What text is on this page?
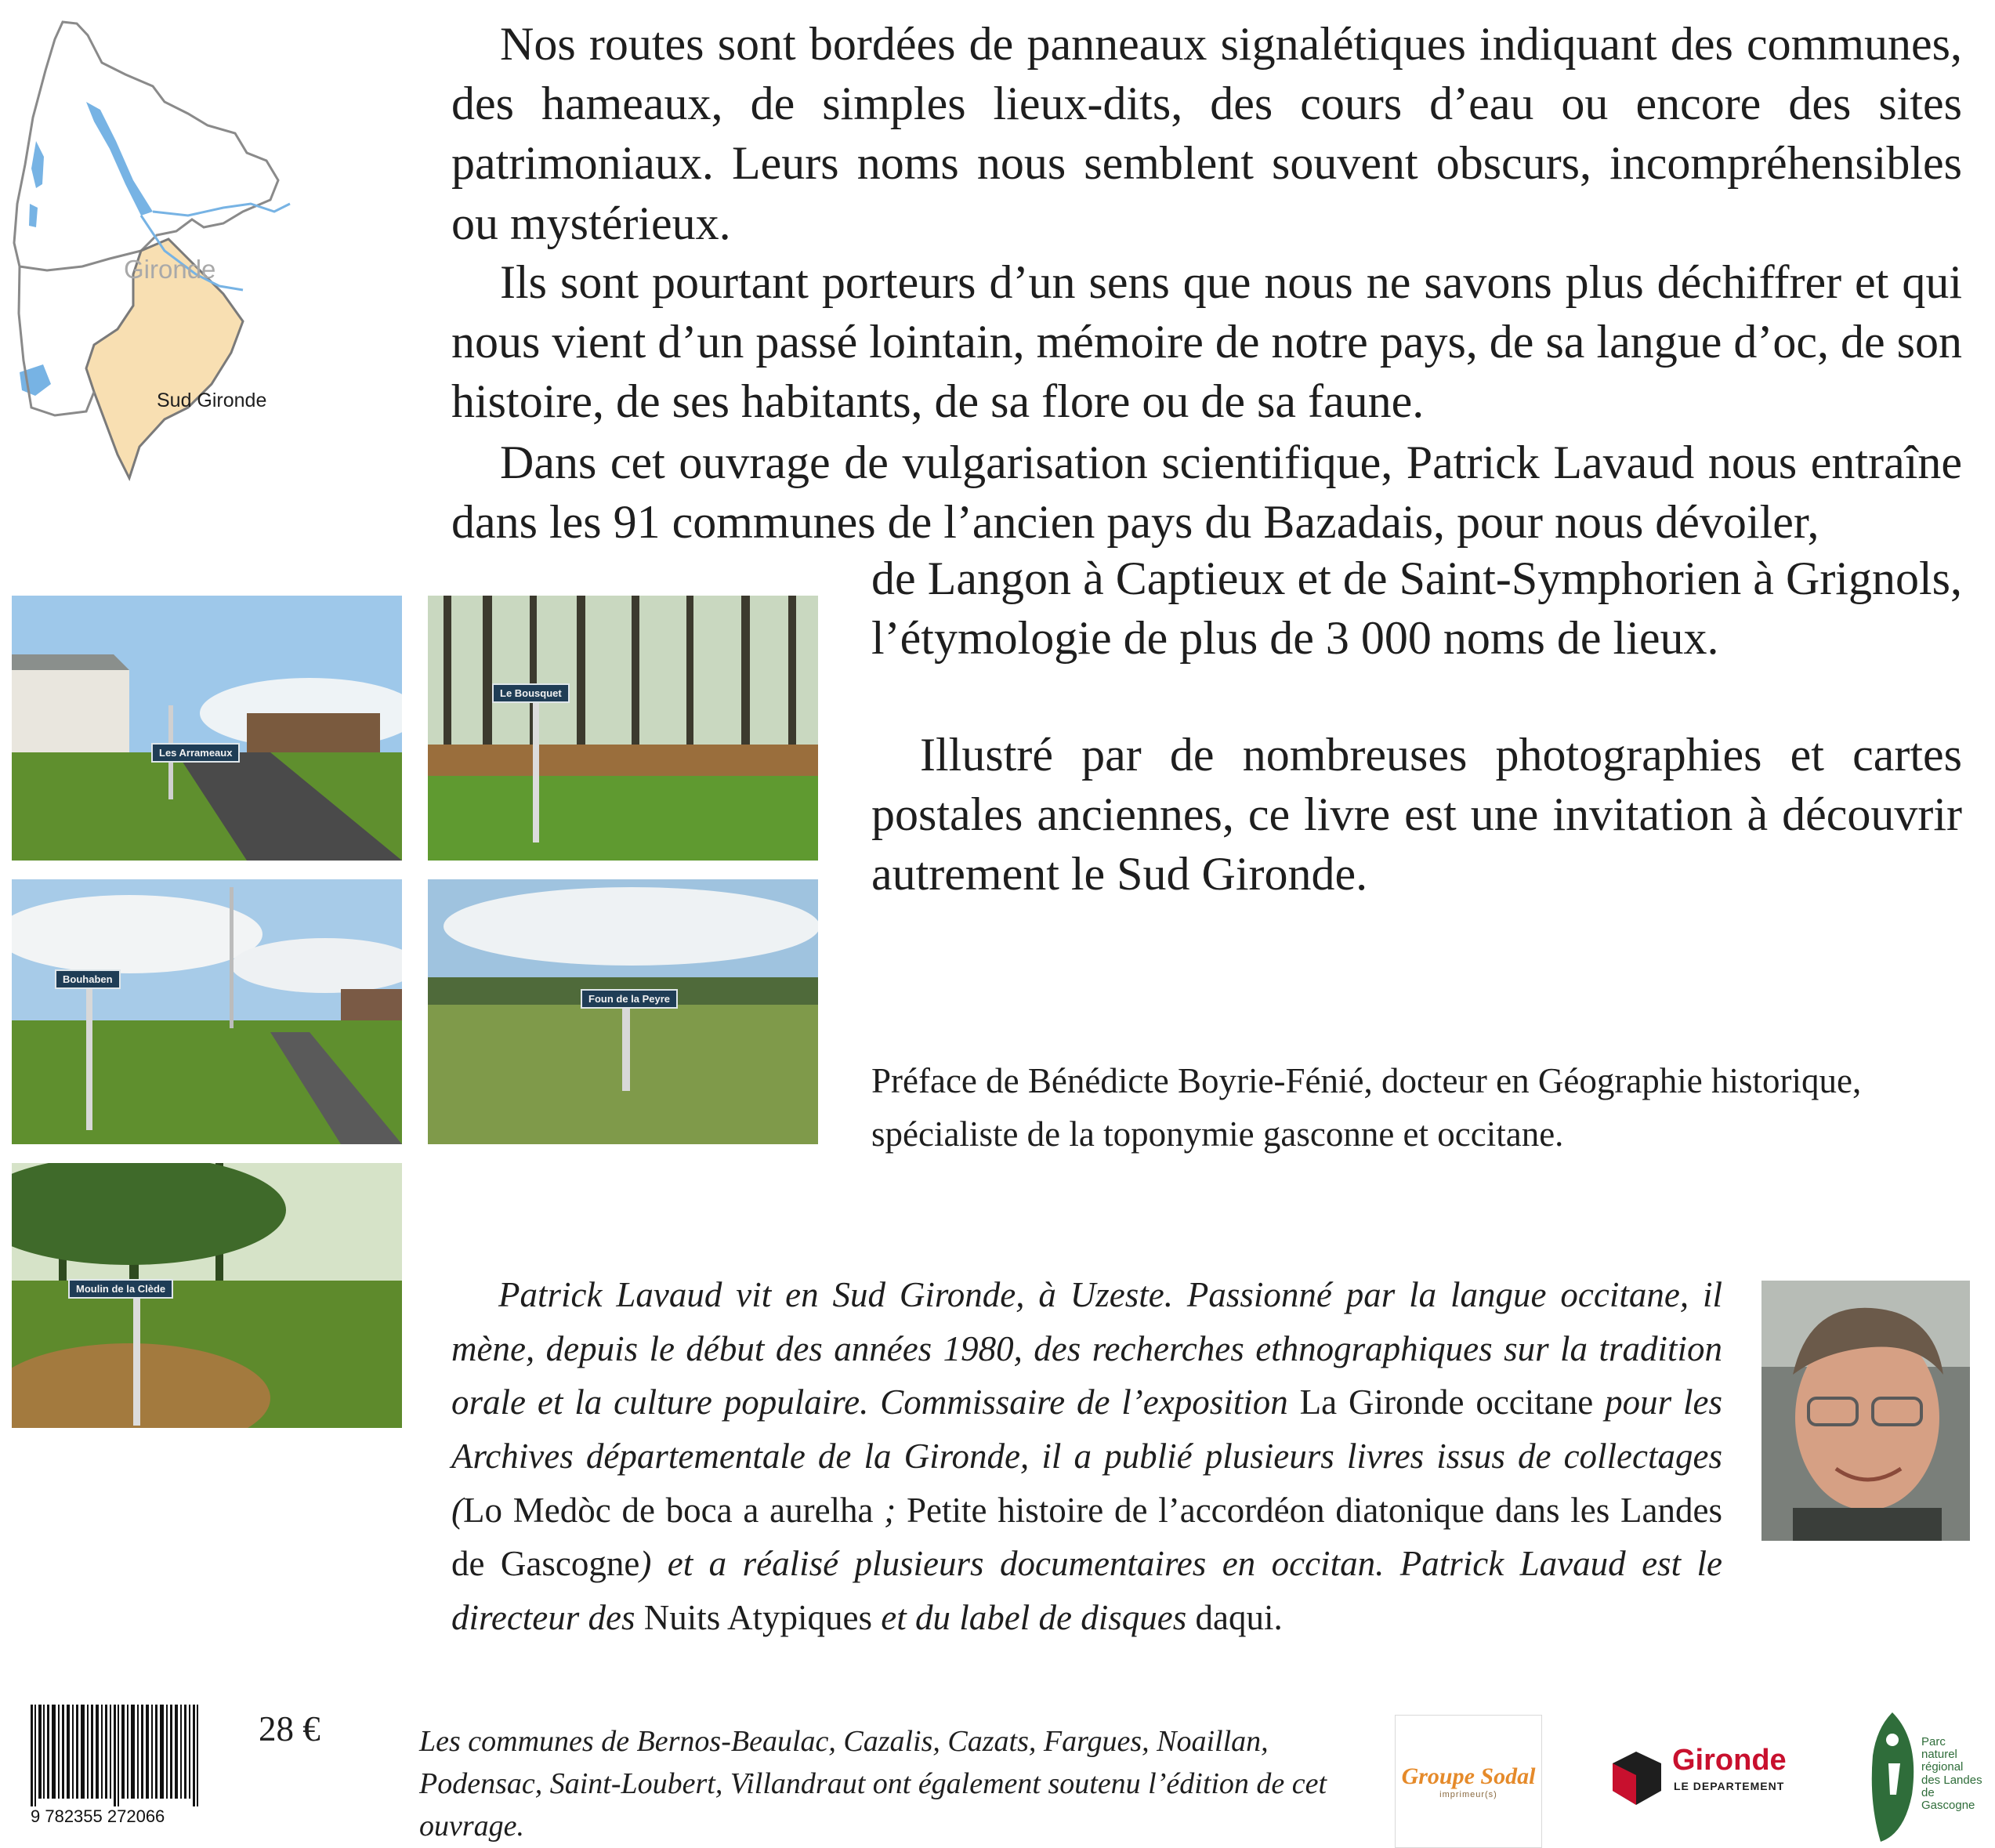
Gironde
Sud Gironde

Nos routes sont bordées de panneaux signalétiques indiquant des communes, des hameaux, de simples lieux-dits, des cours d’eau ou encore des sites patrimoniaux. Leurs noms nous semblent souvent obscurs, incompréhensibles ou mystérieux.

Ils sont pourtant porteurs d’un sens que nous ne savons plus déchiffrer et qui nous vient d’un passé lointain, mémoire de notre pays, de sa langue d’oc, de son histoire, de ses habitants, de sa flore ou de sa faune.

Dans cet ouvrage de vulgarisation scientifique, Patrick Lavaud nous entraîne dans les 91 communes de l’ancien pays du Bazadais, pour nous dévoiler,

de Langon à Captieux et de Saint-Symphorien à Grignols, l’étymologie de plus de 3 000 noms de lieux.

Illustré par de nombreuses photographies et cartes postales anciennes, ce livre est une invitation à découvrir autrement le Sud Gironde.

Préface de Bénédicte Boyrie-Fénié, docteur en Géographie historique, spécialiste de la toponymie gasconne et occitane.

Les Arrameaux
Le Bousquet
Bouhaben
Foun de la Peyre
Moulin de la Clède	Patrick Lavaud vit en Sud Gironde, à Uzeste. Passionné par la langue occitane, il mène, depuis le début des années 1980, des recherches ethnographiques sur la tradition orale et la culture populaire. Commissaire de l’exposition La Gironde occitane pour les Archives départementale de la Gironde, il a publié plusieurs livres issus de collectages (Lo Medòc de boca a aurelha ; Petite histoire de l’accordéon diatonique dans les Landes de Gascogne) et a réalisé plusieurs documentaires en occitan. Patrick Lavaud est le directeur des Nuits Atypiques et du label de disques daqui.

9 782355 272066
28 €	Les communes de Bernos-Beaulac, Cazalis, Cazats, Fargues, Noaillan, Podensac, Saint-Loubert, Villandraut ont également soutenu l’édition de cet ouvrage.

Groupe Sodal
imprimeur(s)
Gironde
LE DEPARTEMENT
Parc naturel régional des Landes de Gascogne
